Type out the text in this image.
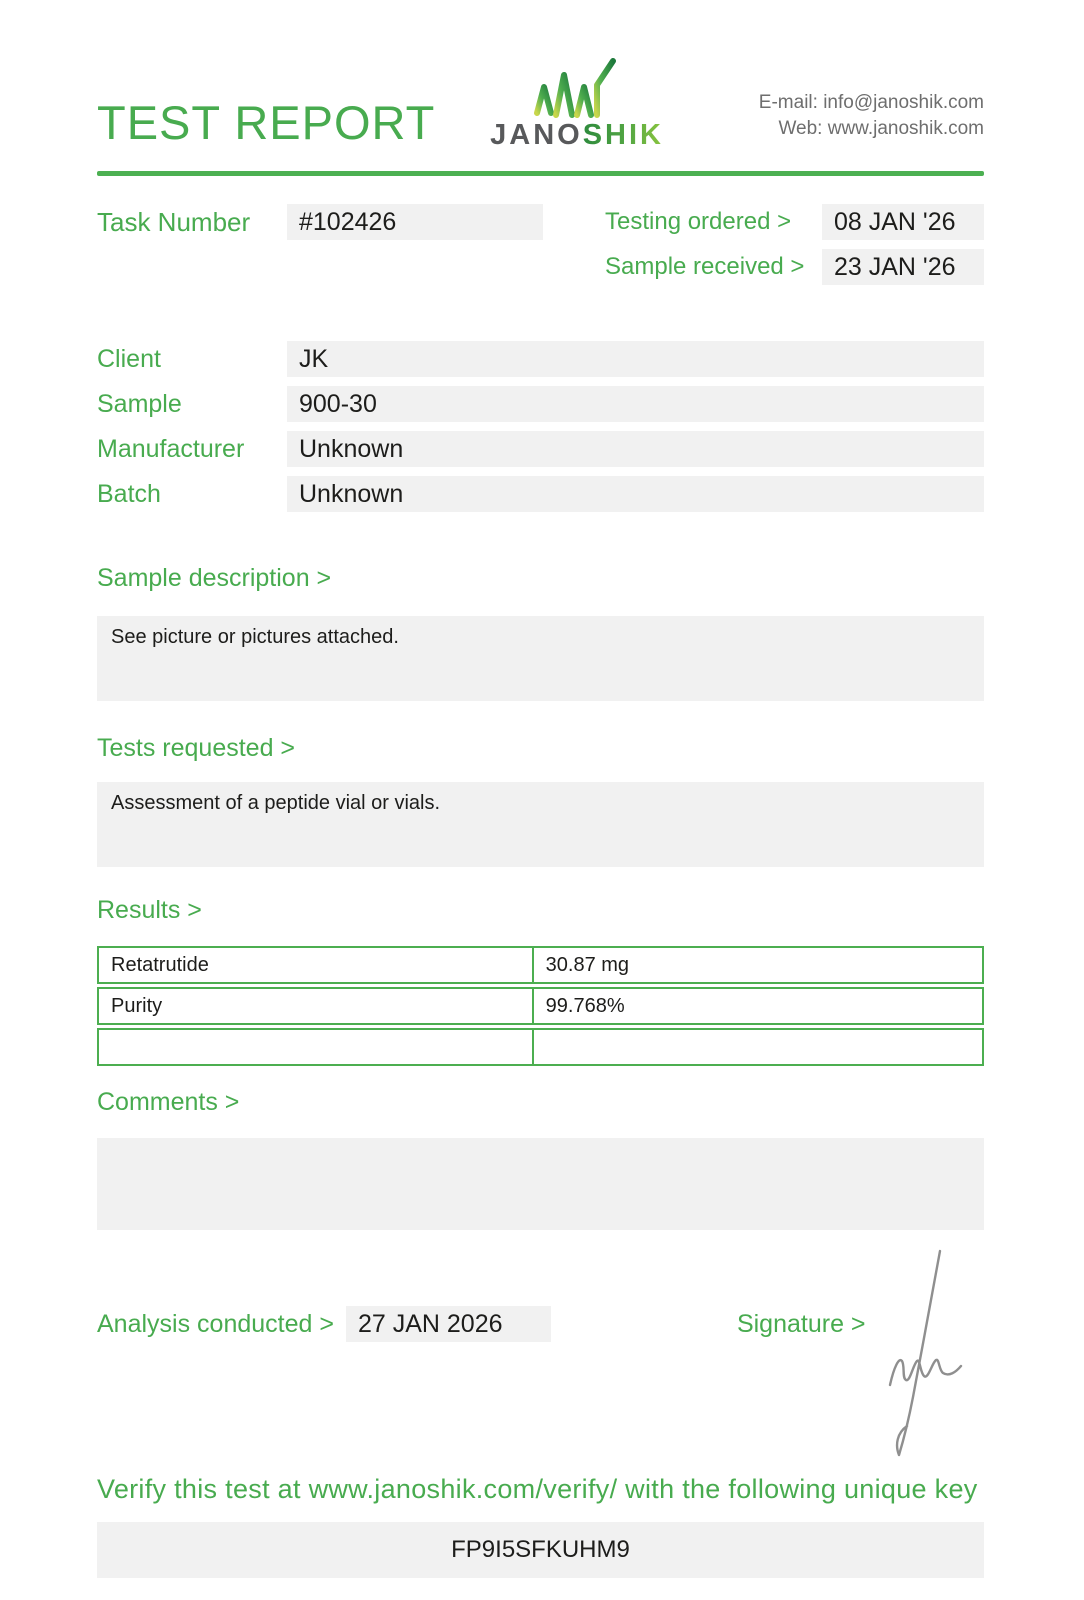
TEST REPORT JANOSHIK
E-mail: info@janoshik.com
Web: www.janoshik.com
Task Number	#102426	Testing ordered >	08 JAN '26
Sample received >	23 JAN '26
Client	JK
Sample	900-30
Manufacturer	Unknown
Batch	Unknown
Sample description >
See picture or pictures attached.
Tests requested >
Assessment of a peptide vial or vials.
Results >
Retatrutide	30.87 mg
Purity	99.768%
Comments >
Analysis conducted > 27 JAN 2026	Signature >
Verify this test at www.janoshik.com/verify/ with the following unique key
FP9I5SFKUHM9
